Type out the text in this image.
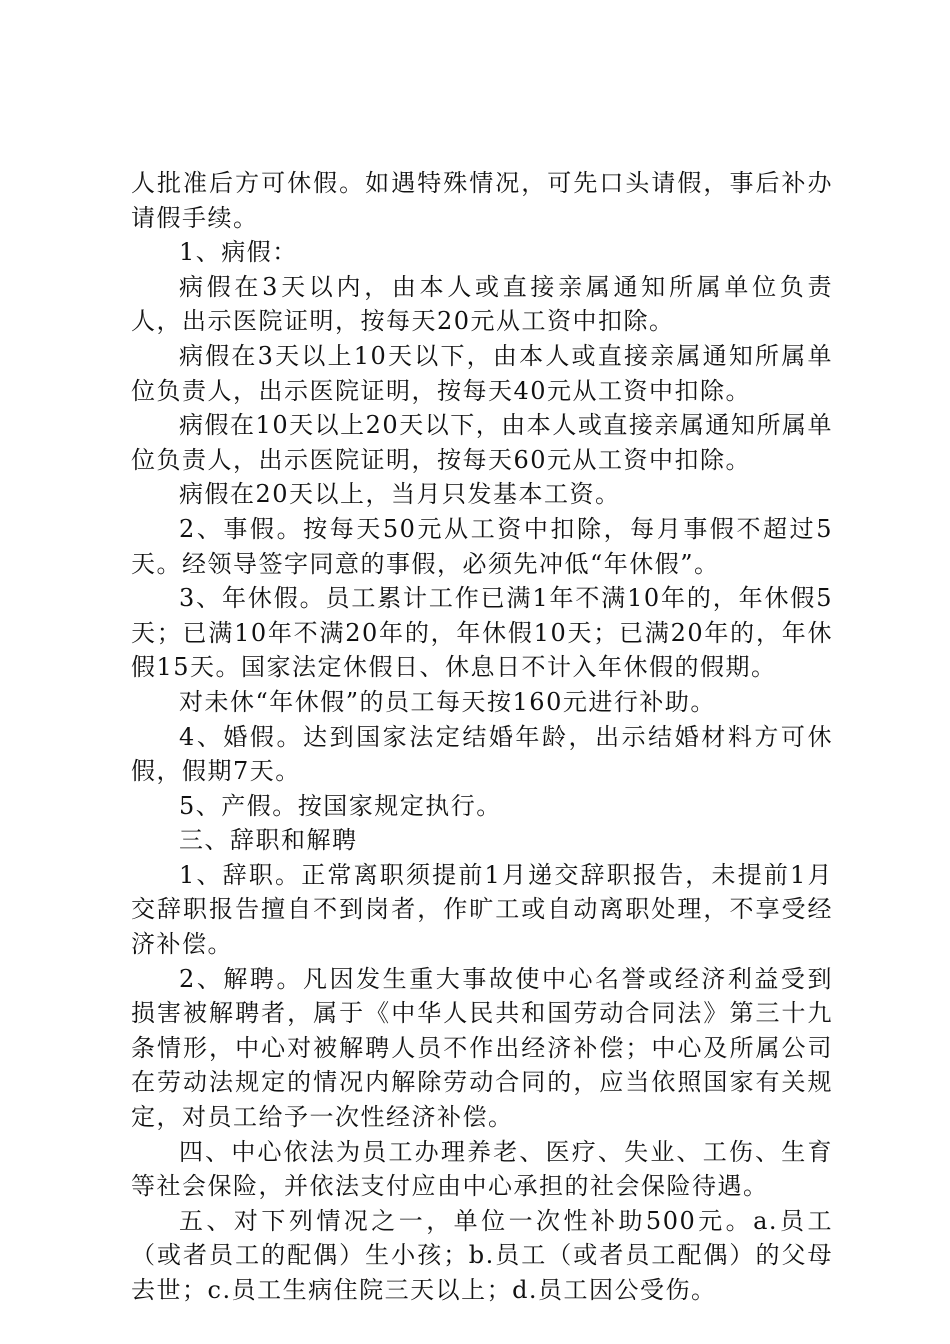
人批准后方可休假。如遇特殊情况，可先口头请假，事后补办请假手续。

1、病假：

病假在3天以内，由本人或直接亲属通知所属单位负责人，出示医院证明，按每天20元从工资中扣除。

病假在3天以上10天以下，由本人或直接亲属通知所属单位负责人，出示医院证明，按每天40元从工资中扣除。

病假在10天以上20天以下，由本人或直接亲属通知所属单位负责人，出示医院证明，按每天60元从工资中扣除。

病假在20天以上，当月只发基本工资。

2、事假。按每天50元从工资中扣除，每月事假不超过5天。经领导签字同意的事假，必须先冲低“年休假”。

3、年休假。员工累计工作已满1年不满10年的，年休假5天；已满10年不满20年的，年休假10天；已满20年的，年休假15天。国家法定休假日、休息日不计入年休假的假期。

对未休“年休假”的员工每天按160元进行补助。

4、婚假。达到国家法定结婚年龄，出示结婚材料方可休假，假期7天。

5、产假。按国家规定执行。

三、辞职和解聘

1、辞职。正常离职须提前1月递交辞职报告，未提前1月交辞职报告擅自不到岗者，作旷工或自动离职处理，不享受经济补偿。

2、解聘。凡因发生重大事故使中心名誉或经济利益受到损害被解聘者，属于《中华人民共和国劳动合同法》第三十九条情形，中心对被解聘人员不作出经济补偿；中心及所属公司在劳动法规定的情况内解除劳动合同的，应当依照国家有关规定，对员工给予一次性经济补偿。

四、中心依法为员工办理养老、医疗、失业、工伤、生育等社会保险，并依法支付应由中心承担的社会保险待遇。

五、对下列情况之一，单位一次性补助500元。a.员工（或者员工的配偶）生小孩；b.员工（或者员工配偶）的父母去世；c.员工生病住院三天以上；d.员工因公受伤。
